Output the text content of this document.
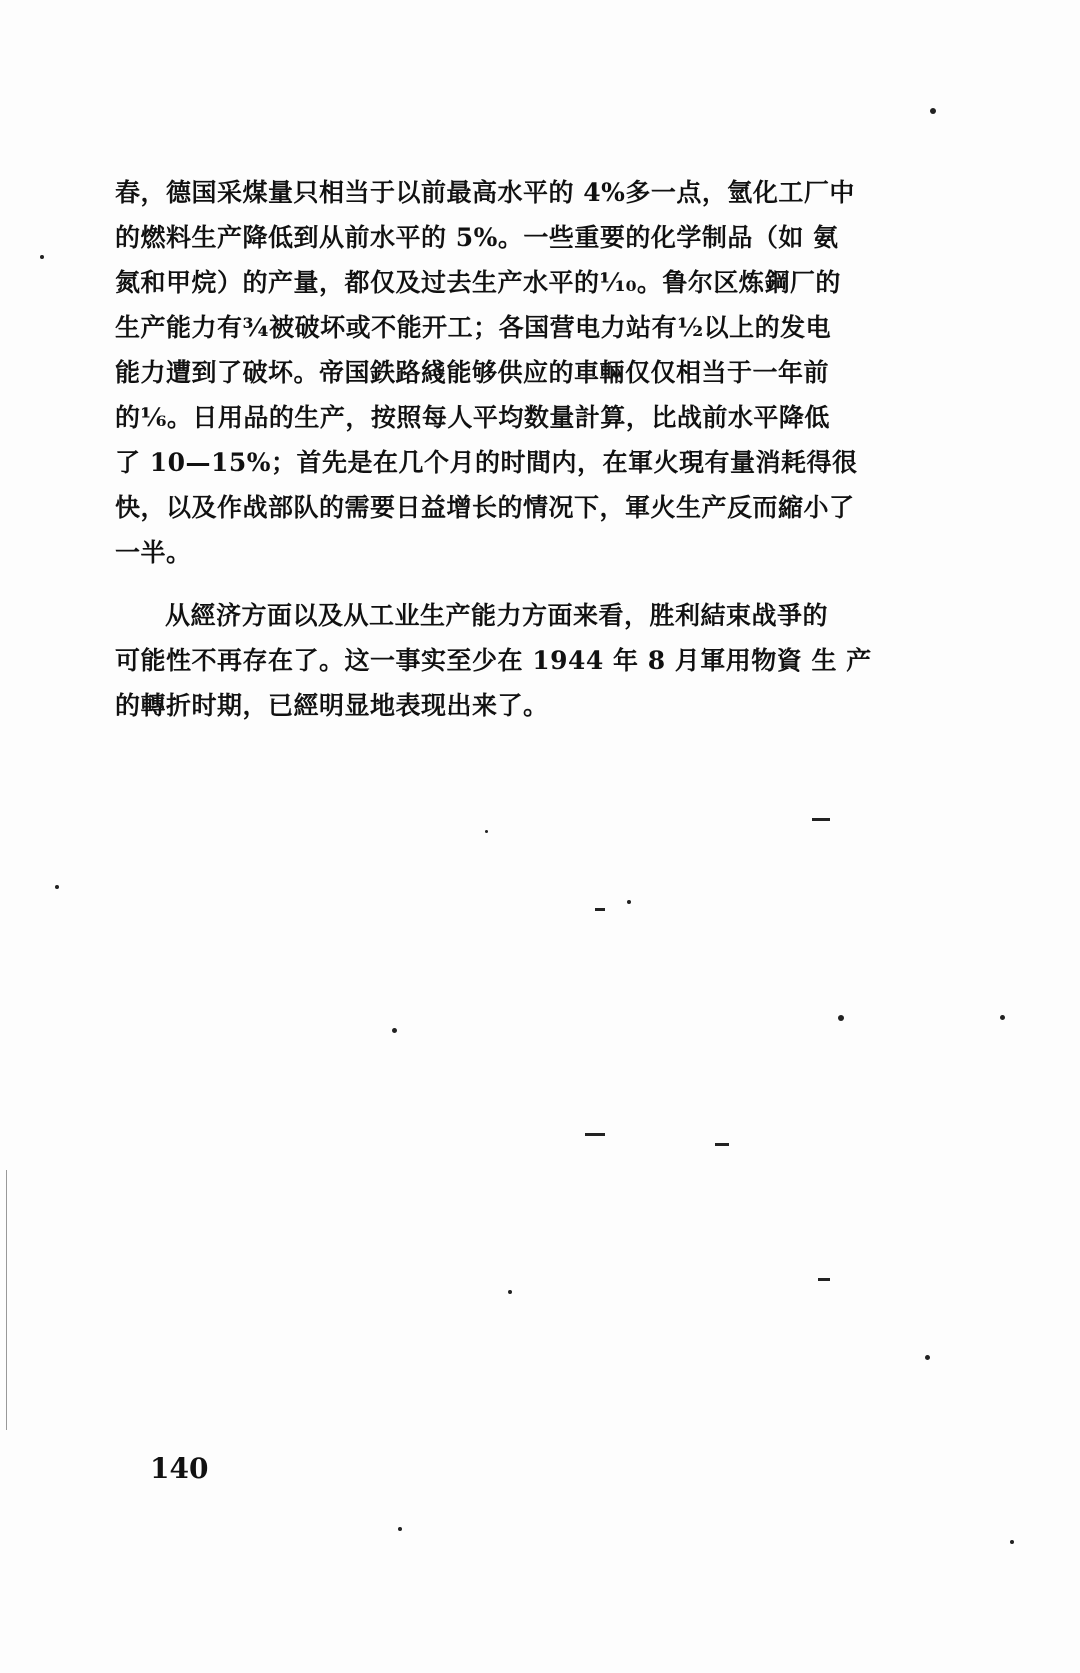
春，德国采煤量只相当于以前最高水平的 4%多一点，氫化工厂中
的燃料生产降低到从前水平的 5%。一些重要的化学制品（如 氨
氮和甲烷）的产量，都仅及过去生产水平的⅒。鲁尔区炼鋼厂的
生产能力有¾被破坏或不能开工；各国营电力站有½以上的发电
能力遭到了破坏。帝国鉄路綫能够供应的車輛仅仅相当于一年前
的⅙。日用品的生产，按照每人平均数量計算，比战前水平降低
了 10—15%；首先是在几个月的时間内，在軍火現有量消耗得很
快，以及作战部队的需要日益增长的情况下，軍火生产反而縮小了
一半。
从經济方面以及从工业生产能力方面来看，胜利結束战爭的
可能性不再存在了。这一事实至少在 1944 年 8 月軍用物資 生 产
的轉折时期，已經明显地表现出来了。
140
